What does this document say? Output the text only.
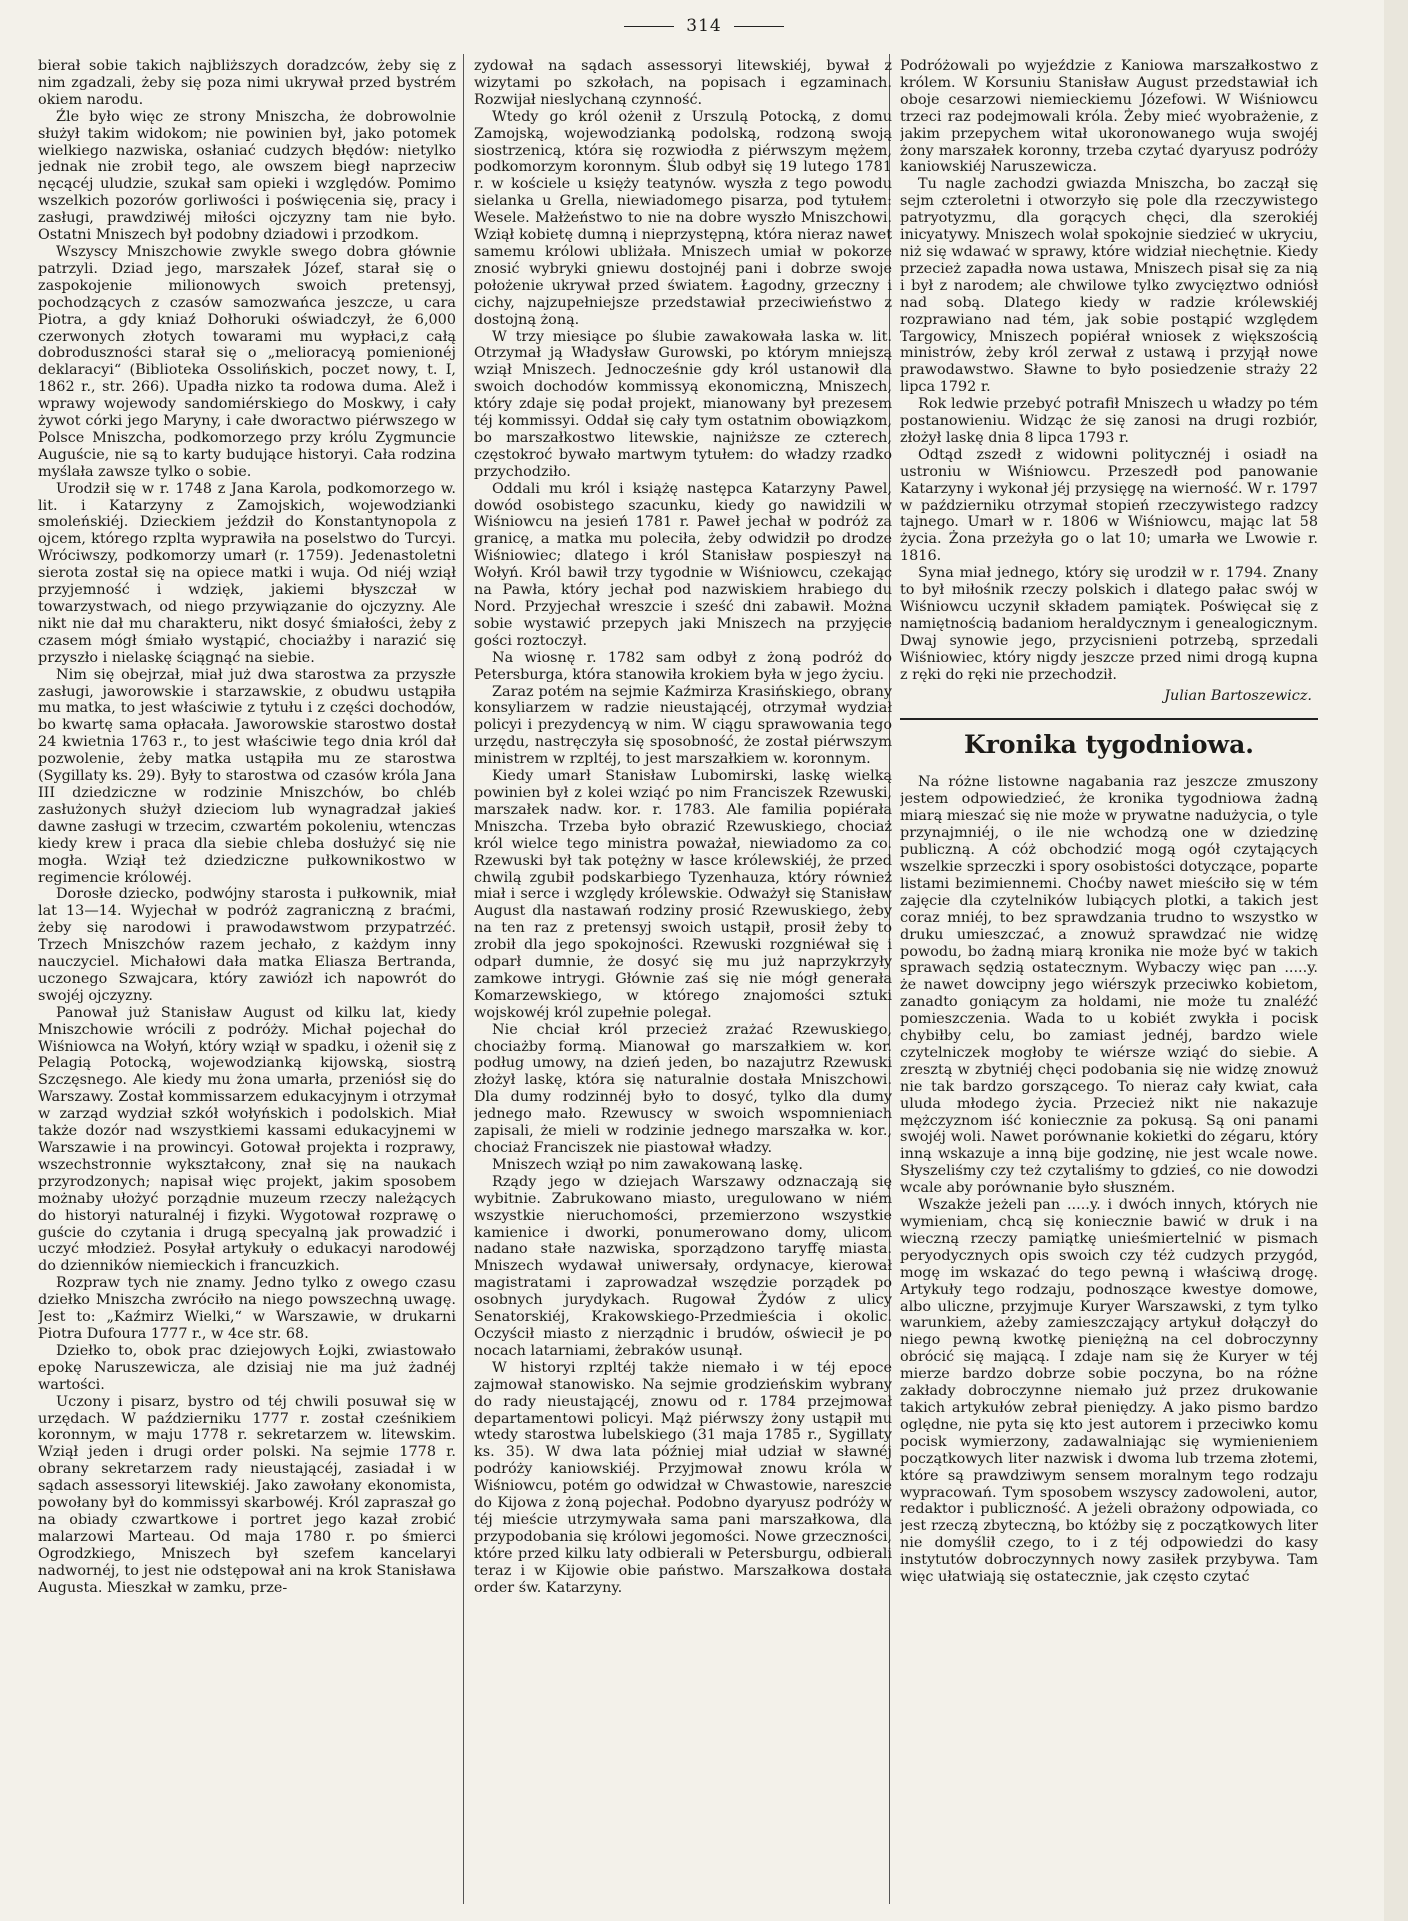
314

bierał sobie takich najbliższych doradzców, żeby się z nim zgadzali, żeby się poza nimi ukrywał przed bystrém okiem narodu.

Źle było więc ze strony Mniszcha, że dobrowolnie służył takim widokom; nie powinien był, jako potomek wielkiego nazwiska, osłaniać cudzych błędów: nietylko jednak nie zrobił tego, ale owszem biegł naprzeciw nęcącéj uludzie, szukał sam opieki i względów. Pomimo wszelkich pozorów gorliwości i poświęcenia się, pracy i zasługi, prawdziwéj miłości ojczyzny tam nie było. Ostatni Mniszech był podobny dziadowi i przodkom.

Wszyscy Mniszchowie zwykle swego dobra głównie patrzyli. Dziad jego, marszałek Józef, starał się o zaspokojenie milionowych swoich pretensyj, pochodzących z czasów samozwańca jeszcze, u cara Piotra, a gdy kniaź Dołhoruki oświadczył, że 6,000 czerwonych złotych towarami mu wypłaci,z całą dobroduszności starał się o „melioracyą pomienionéj deklaracyi“ (Biblioteka Ossolińskich, poczet nowy, t. I, 1862 r., str. 266). Upadła nizko ta rodowa duma. Alež i wprawy wojewody sandomiérskiego do Moskwy, i cały żywot córki jego Maryny, i całe dworactwo piérwszego w Polsce Mniszcha, podkomorzego przy królu Zygmuncie Auguście, nie są to karty budujące historyi. Cała rodzina myślała zawsze tylko o sobie.

Urodził się w r. 1748 z Jana Karola, podkomorzego w. lit. i Katarzyny z Zamojskich, wojewodzianki smoleńskiéj. Dzieckiem jeździł do Konstantynopola z ojcem, którego rzplta wyprawiła na poselstwo do Turcyi. Wróciwszy, podkomorzy umarł (r. 1759). Jedenastoletni sierota został się na opiece matki i wuja. Od niéj wziął przyjemność i wdzięk, jakiemi błyszczał w towarzystwach, od niego przywiązanie do ojczyzny. Ale nikt nie dał mu charakteru, nikt dosyć śmiałości, żeby z czasem mógł śmiało wystąpić, chociażby i narazić się przyszło i nielaskę ściągnąć na siebie.

Nim się obejrzał, miał już dwa starostwa za przyszłe zasługi, jaworowskie i starzawskie, z obudwu ustąpiła mu matka, to jest właściwie z tytułu i z części dochodów, bo kwartę sama opłacała. Jaworowskie starostwo dostał 24 kwietnia 1763 r., to jest właściwie tego dnia król dał pozwolenie, żeby matka ustąpiła mu ze starostwa (Sygillaty ks. 29). Były to starostwa od czasów króla Jana III dziedziczne w rodzinie Mniszchów, bo chléb zasłużonych służył dzieciom lub wynagradzał jakieś dawne zasługi w trzecim, czwartém pokoleniu, wtenczas kiedy krew i praca dla siebie chleba dosłużyć się nie mogła. Wziął też dziedziczne pułkownikostwo w regimencie królowéj.

Dorosłe dziecko, podwójny starosta i pułkownik, miał lat 13—14. Wyjechał w podróż zagraniczną z braćmi, żeby się narodowi i prawodawstwom przypatrzéć. Trzech Mniszchów razem jechało, z każdym inny nauczyciel. Michałowi dała matka Eliasza Bertranda, uczonego Szwajcara, który zawiózł ich napowrót do swojéj ojczyzny.

Panował już Stanisław August od kilku lat, kiedy Mniszchowie wrócili z podróży. Michał pojechał do Wiśniowca na Wołyń, który wziął w spadku, i ożenił się z Pelagią Potocką, wojewodzianką kijowską, siostrą Szczęsnego. Ale kiedy mu żona umarła, przeniósł się do Warszawy. Został kommissarzem edukacyjnym i otrzymał w zarząd wydział szkół wołyńskich i podolskich. Miał także dozór nad wszystkiemi kassami edukacyjnemi w Warszawie i na prowincyi. Gotował projekta i rozprawy, wszechstronnie wykształcony, znał się na naukach przyrodzonych; napisał więc projekt, jakim sposobem możnaby ułożyć porządnie muzeum rzeczy należących do historyi naturalnéj i fizyki. Wygotował rozprawę o guście do czytania i drugą specyalną jak prowadzić i uczyć młodzież. Posyłał artykuły o edukacyi narodowéj do dzienników niemieckich i francuzkich.

Rozpraw tych nie znamy. Jedno tylko z owego czasu dziełko Mniszcha zwróciło na niego powszechną uwagę. Jest to: „Kaźmirz Wielki,“ w Warszawie, w drukarni Piotra Dufoura 1777 r., w 4ce str. 68.

Dziełko to, obok prac dziejowych Łojki, zwiastowało epokę Naruszewicza, ale dzisiaj nie ma już żadnéj wartości.

Uczony i pisarz, bystro od téj chwili posuwał się w urzędach. W październiku 1777 r. został cześnikiem koronnym, w maju 1778 r. sekretarzem w. litewskim. Wziął jeden i drugi order polski. Na sejmie 1778 r. obrany sekretarzem rady nieustającéj, zasiadał i w sądach assessoryi litewskiéj. Jako zawołany ekonomista, powołany był do kommissyi skarbowéj. Król zapraszał go na obiady czwartkowe i portret jego kazał zrobić malarzowi Marteau. Od maja 1780 r. po śmierci Ogrodzkiego, Mniszech był szefem kancelaryi nadwornéj, to jest nie odstępował ani na krok Stanisława Augusta. Mieszkał w zamku, prze-

zydował na sądach assessoryi litewskiéj, bywał z wizytami po szkołach, na popisach i egzaminach. Rozwijał nieslychaną czynność.

Wtedy go król ożenił z Urszulą Potocką, z domu Zamojską, wojewodzianką podolską, rodzoną swoją siostrzenicą, która się rozwiodła z piérwszym mężem, podkomorzym koronnym. Ślub odbył się 19 lutego 1781 r. w kościele u księży teatynów. wyszła z tego powodu sielanka u Grella, niewiadomego pisarza, pod tytułem: Wesele. Małżeństwo to nie na dobre wyszło Mniszchowi. Wziął kobietę dumną i nieprzystępną, która nieraz nawet samemu królowi ubliżała. Mniszech umiał w pokorze znosić wybryki gniewu dostojnéj pani i dobrze swoje położenie ukrywał przed światem. Łagodny, grzeczny i cichy, najzupełniejsze przedstawiał przeciwieństwo z dostojną żoną.

W trzy miesiące po ślubie zawakowała laska w. lit. Otrzymał ją Władysław Gurowski, po którym mniejszą wziął Mniszech. Jednocześnie gdy król ustanowił dla swoich dochodów kommissyą ekonomiczną, Mniszech, który zdaje się podał projekt, mianowany był prezesem téj kommissyi. Oddał się cały tym ostatnim obowiązkom, bo marszałkostwo litewskie, najniższe ze czterech, częstokroć bywało martwym tytułem: do władzy rzadko przychodziło.

Oddali mu król i książę następca Katarzyny Pawel, dowód osobistego szacunku, kiedy go nawidzili w Wiśniowcu na jesień 1781 r. Paweł jechał w podróż za granicę, a matka mu poleciła, żeby odwidził po drodze Wiśniowiec; dlatego i król Stanisław pospieszył na Wołyń. Król bawił trzy tygodnie w Wiśniowcu, czekając na Pawła, który jechał pod nazwiskiem hrabiego du Nord. Przyjechał wreszcie i sześć dni zabawił. Można sobie wystawić przepych jaki Mniszech na przyjęcie gości roztoczył.

Na wiosnę r. 1782 sam odbył z żoną podróż do Petersburga, która stanowiła krokiem była w jego życiu.

Zaraz potém na sejmie Kaźmirza Krasińskiego, obrany konsyliarzem w radzie nieustającéj, otrzymał wydział policyi i prezydencyą w nim. W ciągu sprawowania tego urzędu, nastręczyła się sposobność, że został piérwszym ministrem w rzpltéj, to jest marszałkiem w. koronnym.

Kiedy umarł Stanisław Lubomirski, laskę wielką powinien był z kolei wziąć po nim Franciszek Rzewuski, marszałek nadw. kor. r. 1783. Ale familia popiérała Mniszcha. Trzeba było obrazić Rzewuskiego, chociaż król wielce tego ministra poważał, niewiadomo za co. Rzewuski był tak potężny w łasce królewskiéj, że przed chwilą zgubił podskarbiego Tyzenhauza, który również miał i serce i względy królewskie. Odważył się Stanisław August dla nastawań rodziny prosić Rzewuskiego, żeby na ten raz z pretensyj swoich ustąpił, prosił żeby to zrobił dla jego spokojności. Rzewuski rozgniéwał się i odparł dumnie, że dosyć się mu już naprzykrzyły zamkowe intrygi. Głównie zaś się nie mógł generała Komarzewskiego, w którego znajomości sztuki wojskowéj król zupełnie polegał.

Nie chciał król przecież zrażać Rzewuskiego, chociażby formą. Mianował go marszałkiem w. kor. podług umowy, na dzień jeden, bo nazajutrz Rzewuski złożył laskę, która się naturalnie dostała Mniszchowi. Dla dumy rodzinnéj było to dosyć, tylko dla dumy jednego mało. Rzewuscy w swoich wspomnieniach zapisali, że mieli w rodzinie jednego marszałka w. kor., chociaż Franciszek nie piastował władzy.

Mniszech wziął po nim zawakowaną laskę.

Rządy jego w dziejach Warszawy odznaczają się wybitnie. Zabrukowano miasto, uregulowano w niém wszystkie nieruchomości, przemierzono wszystkie kamienice i dworki, ponumerowano domy, ulicom nadano stałe nazwiska, sporządzono taryffę miasta. Mniszech wydawał uniwersały, ordynacye, kierował magistratami i zaprowadzał wszędzie porządek po osobnych jurydykach. Rugował Żydów z ulicy Senatorskiéj, Krakowskiego-Przedmieścia i okolic. Oczyścił miasto z nierządnic i brudów, oświecił je po nocach latarniami, żebraków usunął.

W historyi rzpltéj także niemało i w téj epoce zajmował stanowisko. Na sejmie grodzieńskim wybrany do rady nieustającéj, znowu od r. 1784 przejmował departamentowi policyi. Mąż piérwszy żony ustąpił mu wtedy starostwa lubelskiego (31 maja 1785 r., Sygillaty ks. 35). W dwa lata później miał udział w sławnéj podróży kaniowskiéj. Przyjmował znowu króla w Wiśniowcu, potém go odwidzał w Chwastowie, nareszcie do Kijowa z żoną pojechał. Podobno dyaryusz podróży w téj mieście utrzymywała sama pani marszałkowa, dla przypodobania się królowi jegomości. Nowe grzeczności, które przed kilku laty odbierali w Petersburgu, odbierali teraz i w Kijowie obie państwo. Marszałkowa dostała order św. Katarzyny.

Podróżowali po wyjeździe z Kaniowa marszałkostwo z królem. W Korsuniu Stanisław August przedstawiał ich oboje cesarzowi niemieckiemu Józefowi. W Wiśniowcu trzeci raz podejmowali króla. Żeby mieć wyobrażenie, z jakim przepychem witał ukoronowanego wuja swojéj żony marszałek koronny, trzeba czytać dyaryusz podróży kaniowskiéj Naruszewicza.

Tu nagle zachodzi gwiazda Mniszcha, bo zaczął się sejm czteroletni i otworzyło się pole dla rzeczywistego patryotyzmu, dla gorących chęci, dla szerokiéj inicyatywy. Mniszech wolał spokojnie siedzieć w ukryciu, niż się wdawać w sprawy, które widział niechętnie. Kiedy przecież zapadła nowa ustawa, Mniszech pisał się za nią i był z narodem; ale chwilowe tylko zwycięztwo odniósł nad sobą. Dlatego kiedy w radzie królewskiéj rozprawiano nad tém, jak sobie postąpić względem Targowicy, Mniszech popiérał wniosek z większością ministrów, żeby król zerwał z ustawą i przyjął nowe prawodawstwo. Sławne to było posiedzenie straży 22 lipca 1792 r.

Rok ledwie przebyć potrafił Mniszech u władzy po tém postanowieniu. Widząc że się zanosi na drugi rozbiór, złożył laskę dnia 8 lipca 1793 r.

Odtąd zszedł z widowni politycznéj i osiadł na ustroniu w Wiśniowcu. Przeszedł pod panowanie Katarzyny i wykonał jéj przysięgę na wierność. W r. 1797 w październiku otrzymał stopień rzeczywistego radzcy tajnego. Umarł w r. 1806 w Wiśniowcu, mając lat 58 życia. Żona przeżyła go o lat 10; umarła we Lwowie r. 1816.

Syna miał jednego, który się urodził w r. 1794. Znany to był miłośnik rzeczy polskich i dlatego pałac swój w Wiśniowcu uczynił składem pamiątek. Poświęcał się z namiętnością badaniom heraldycznym i genealogicznym. Dwaj synowie jego, przycisnieni potrzebą, sprzedali Wiśniowiec, który nigdy jeszcze przed nimi drogą kupna z ręki do ręki nie przechodził.

Julian Bartoszewicz.
Kronika tygodniowa.

Na różne listowne nagabania raz jeszcze zmuszony jestem odpowiedzieć, że kronika tygodniowa żadną miarą mieszać się nie może w prywatne nadużycia, o tyle przynajmniéj, o ile nie wchodzą one w dziedzinę publiczną. A cóż obchodzić mogą ogół czytających wszelkie sprzeczki i spory osobistości dotyczące, poparte listami bezimiennemi. Choćby nawet mieściło się w tém zajęcie dla czytelników lubiących plotki, a takich jest coraz mniéj, to bez sprawdzania trudno to wszystko w druku umieszczać, a znowuż sprawdzać nie widzę powodu, bo żadną miarą kronika nie może być w takich sprawach sędzią ostatecznym. Wybaczy więc pan .....y. że nawet dowcipny jego wiérszyk przeciwko kobietom, zanadto goniącym za holdami, nie może tu znaléźć pomieszczenia. Wada to u kobiét zwykła i pocisk chybiłby celu, bo zamiast jednéj, bardzo wiele czytelniczek mogłoby te wiérsze wziąć do siebie. A zresztą w zbytniéj chęci podobania się nie widzę znowuż nie tak bardzo gorszącego. To nieraz cały kwiat, cała uluda młodego życia. Przecież nikt nie nakazuje mężczyznom iść koniecznie za pokusą. Są oni panami swojéj woli. Nawet porównanie kokietki do zégaru, który inną wskazuje a inną bije godzinę, nie jest wcale nowe. Słyszeliśmy czy też czytaliśmy to gdzieś, co nie dowodzi wcale aby porównanie było słuszném.

Wszakże jeżeli pan .....y. i dwóch innych, których nie wymieniam, chcą się koniecznie bawić w druk i na wieczną rzeczy pamiątkę unieśmiertelnić w pismach peryodycznych opis swoich czy téż cudzych przygód, mogę im wskazać do tego pewną i właściwą drogę. Artykuły tego rodzaju, podnoszące kwestye domowe, albo uliczne, przyjmuje Kuryer Warszawski, z tym tylko warunkiem, ażeby zamieszczający artykuł dołączył do niego pewną kwotkę pieniężną na cel dobroczynny obrócić się mającą. I zdaje nam się że Kuryer w téj mierze bardzo dobrze sobie poczyna, bo na różne zakłady dobroczynne niemało już przez drukowanie takich artykułów zebrał pieniędzy. A jako pismo bardzo oględne, nie pyta się kto jest autorem i przeciwko komu pocisk wymierzony, zadawalniając się wymienieniem początkowych liter nazwisk i dwoma lub trzema złotemi, które są prawdziwym sensem moralnym tego rodzaju wypracowań. Tym sposobem wszyscy zadowoleni, autor, redaktor i publiczność. A jeżeli obrażony odpowiada, co jest rzeczą zbyteczną, bo któżby się z początkowych liter nie domyślił czego, to i z téj odpowiedzi do kasy instytutów dobroczynnych nowy zasiłek przybywa. Tam więc ułatwiają się ostatecznie, jak często czytać
